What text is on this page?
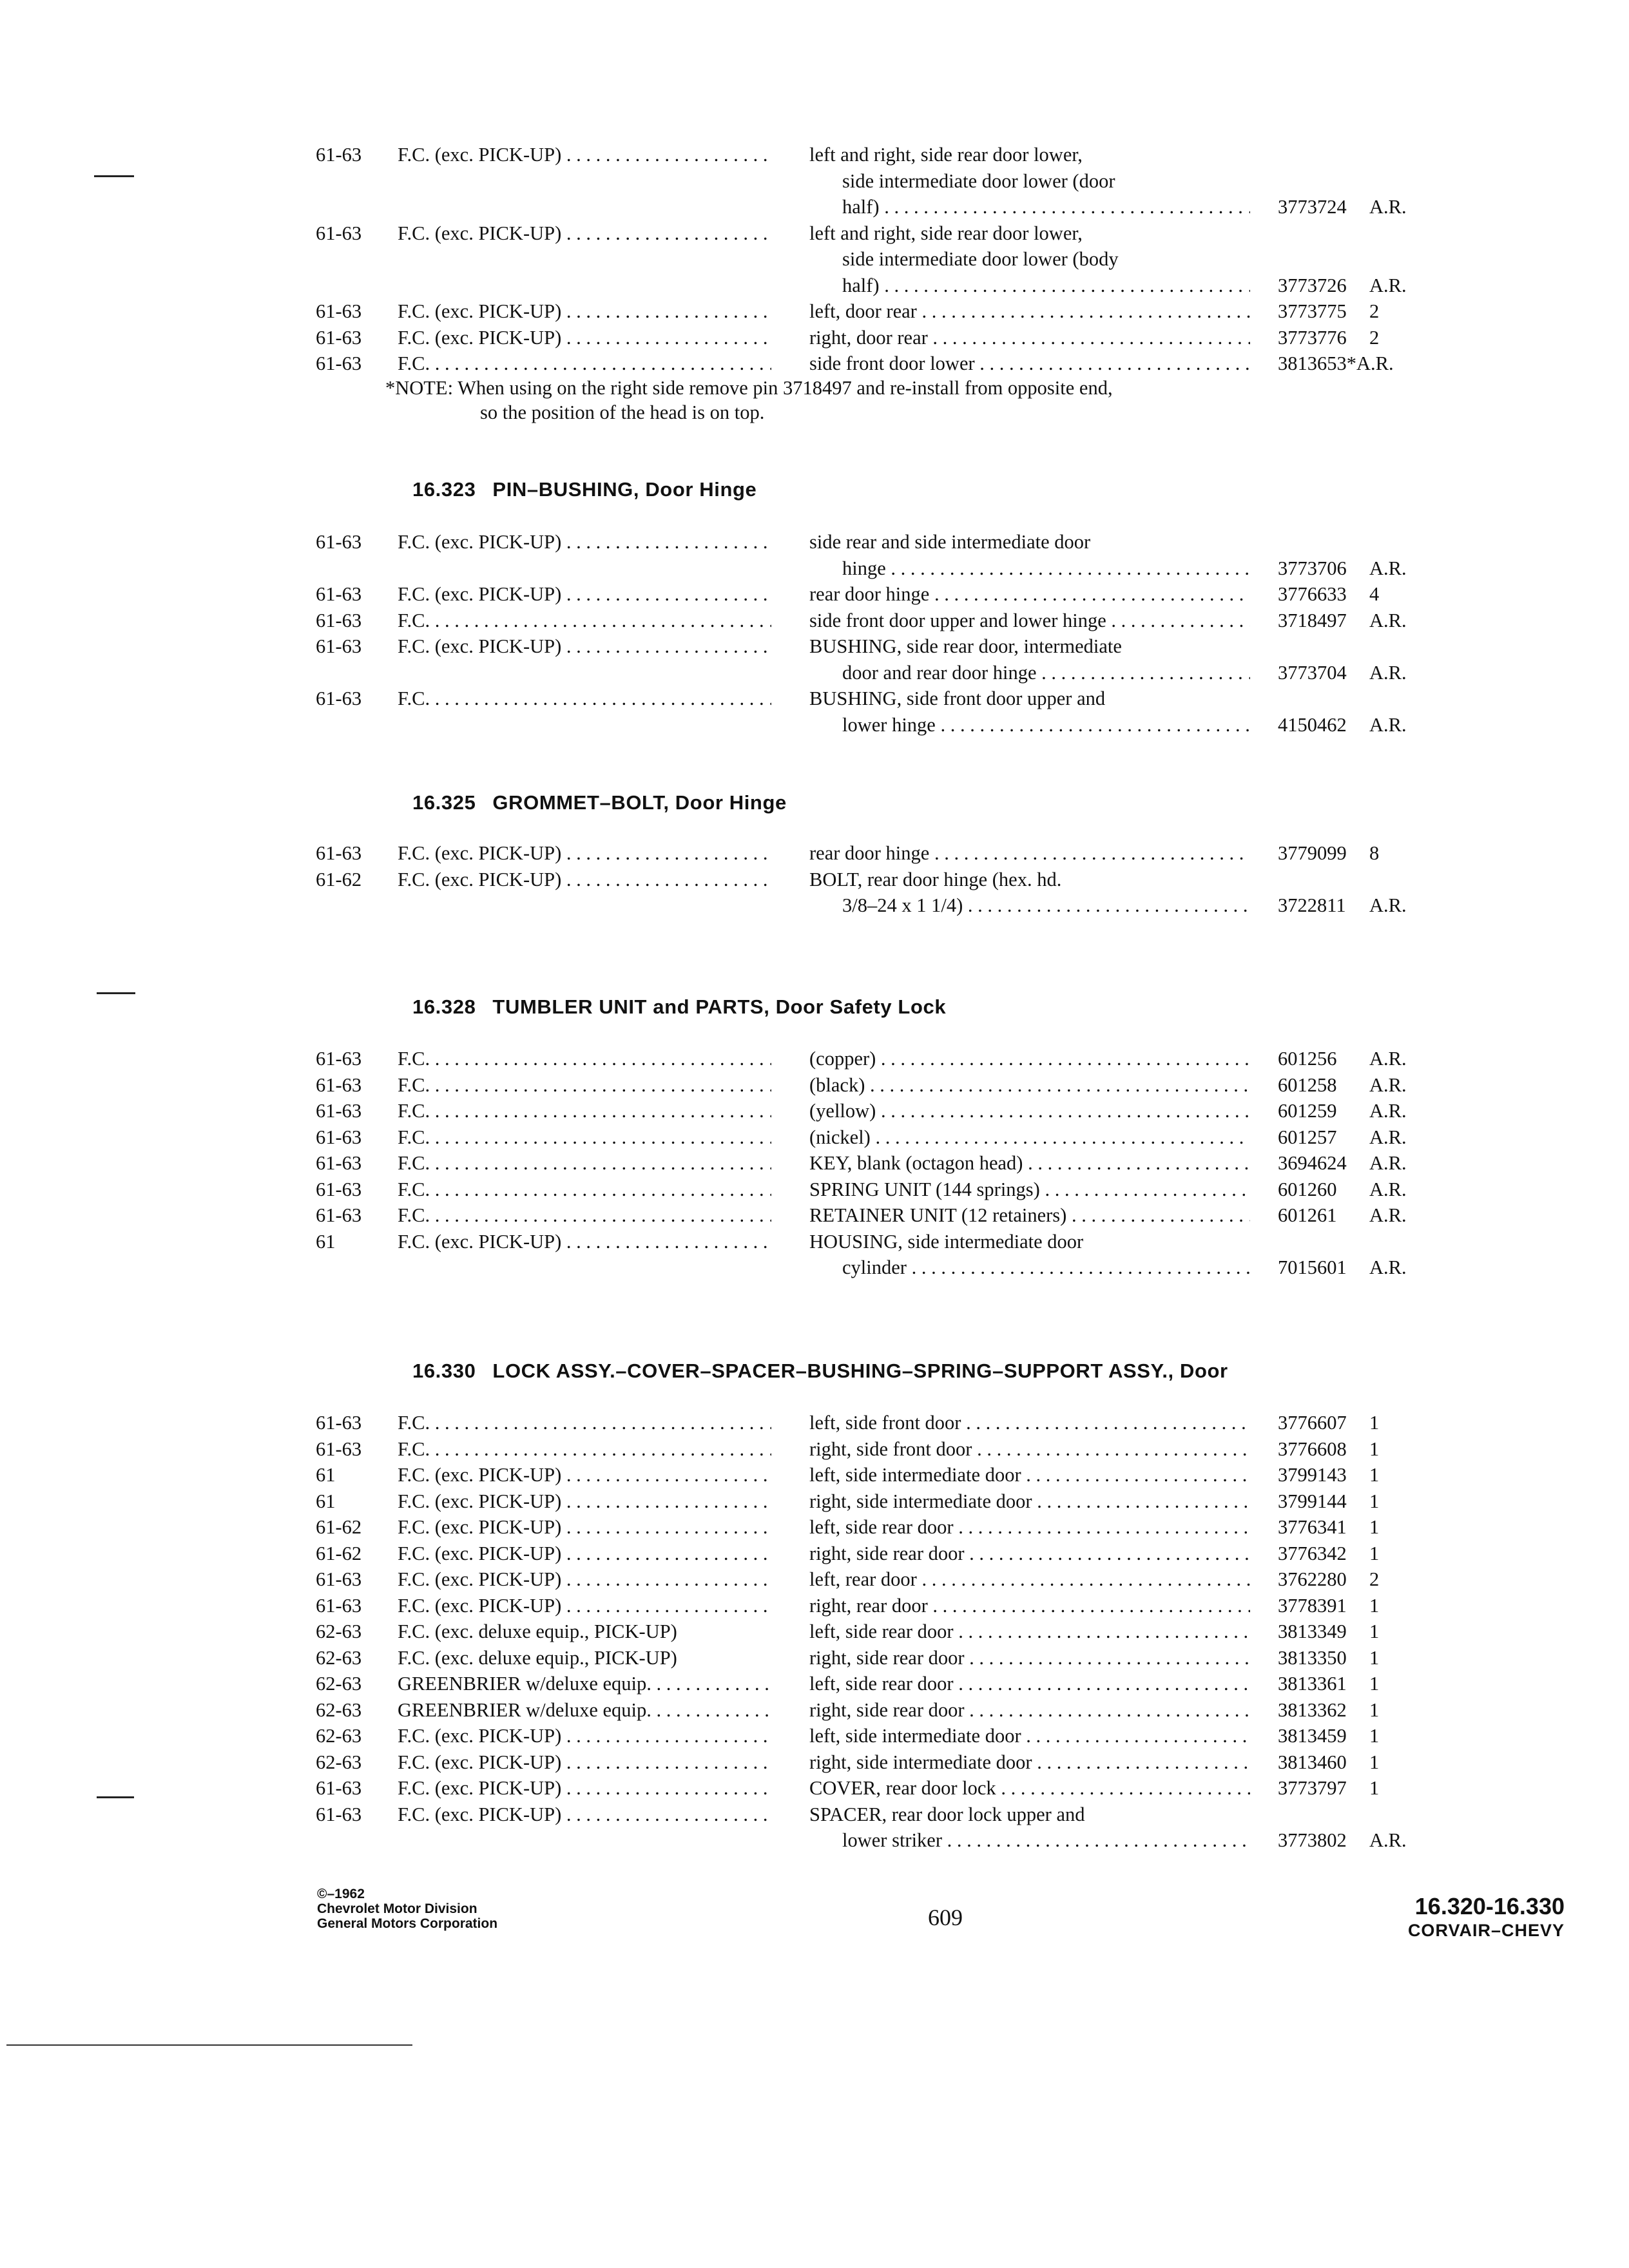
61-63 F.C. (exc. PICK-UP) . . .	left and right, side rear door lower,
side intermediate door lower (door
half) . . .	3773724 A.R.
61-63 F.C. (exc. PICK-UP) . . .	left and right, side rear door lower,
side intermediate door lower (body
half) . . .	3773726 A.R.
61-63 F.C. (exc. PICK-UP) . . .	left, door rear . . .	3773775 2
61-63 F.C. (exc. PICK-UP) . . .	right, door rear . . .	3773776 2
61-63 F.C. . . .	side front door lower . . .	3813653*A.R.
*NOTE: When using on the right side remove pin 3718497 and re-install from opposite end,
so the position of the head is on top.
16.323 PIN–BUSHING, Door Hinge
16.325 GROMMET–BOLT, Door Hinge
16.328 TUMBLER UNIT and PARTS, Door Safety Lock
16.330 LOCK ASSY.–COVER–SPACER–BUSHING–SPRING–SUPPORT ASSY., Door
61-63 F.C. (exc. PICK-UP) . . .	side rear and side intermediate door
hinge . . .	3773706 A.R.
61-63 F.C. (exc. PICK-UP) . . .	rear door hinge . . .	3776633 4
61-63 F.C. . . .	side front door upper and lower hinge . . . .	3718497 A.R.
61-63 F.C. (exc. PICK-UP) . . .	BUSHING, side rear door, intermediate
door and rear door hinge . . .	3773704 A.R.
61-63 F.C. . . .	BUSHING, side front door upper and
lower hinge . . .	4150462 A.R.
61-63 F.C. (exc. PICK-UP) . . .	rear door hinge . . .	3779099 8
61-62 F.C. (exc. PICK-UP) . . .	BOLT, rear door hinge (hex. hd.
3/8–24 x 1 1/4) . . .	3722811 A.R.
61-63 F.C. . . .	(copper) . . .	601256 A.R.
61-63 F.C. . . .	(black) . . .	601258 A.R.
61-63 F.C. . . .	(yellow) . . .	601259 A.R.
61-63 F.C. . . .	(nickel) . . .	601257 A.R.
61-63 F.C. . . .	KEY, blank (octagon head) . . .	3694624 A.R.
61-63 F.C. . . .	SPRING UNIT (144 springs) . . .	601260 A.R.
61-63 F.C. . . .	RETAINER UNIT (12 retainers) . . .	601261 A.R.
61	F.C. (exc. PICK-UP) . . .	HOUSING, side intermediate door
cylinder . . .	7015601 A.R.
61-63 F.C. . . .	left, side front door . . .	3776607 1
61-63 F.C. . . .	right, side front door . . .	3776608 1
61	F.C. (exc. PICK-UP) . . .	left, side intermediate door . . .	3799143 1
61	F.C. (exc. PICK-UP) . . .	right, side intermediate door . . .	3799144 1
61-62 F.C. (exc. PICK-UP) . . .	left, side rear door . . .	3776341 1
61-62 F.C. (exc. PICK-UP) . . .	right, side rear door . . .	3776342 1
61-63 F.C. (exc. PICK-UP) . . .	left, rear door . . .	3762280 2
61-63 F.C. (exc. PICK-UP) . . .	right, rear door . . .	3778391 1
62-63 F.C. (exc. deluxe equip., PICK-UP)	left, side rear door . . .	3813349 1
62-63 F.C. (exc. deluxe equip., PICK-UP)	right, side rear door . . .	3813350 1
62-63 GREENBRIER w/deluxe equip. . . .	left, side rear door . . .	3813361 1
62-63 GREENBRIER w/deluxe equip. . . .	right, side rear door . . .	3813362 1
62-63 F.C. (exc. PICK-UP) . . .	left, side intermediate door . . .	3813459 1
62-63 F.C. (exc. PICK-UP) . . .	right, side intermediate door . . .	3813460 1
61-63 F.C. (exc. PICK-UP) . . .	COVER, rear door lock . . .	3773797 1
61-63 F.C. (exc. PICK-UP) . . .	SPACER, rear door lock upper and
lower striker . . .	3773802 A.R.
©–1962
Chevrolet Motor Division
General Motors Corporation	609	16.320-16.330
CORVAIR–CHEVY
